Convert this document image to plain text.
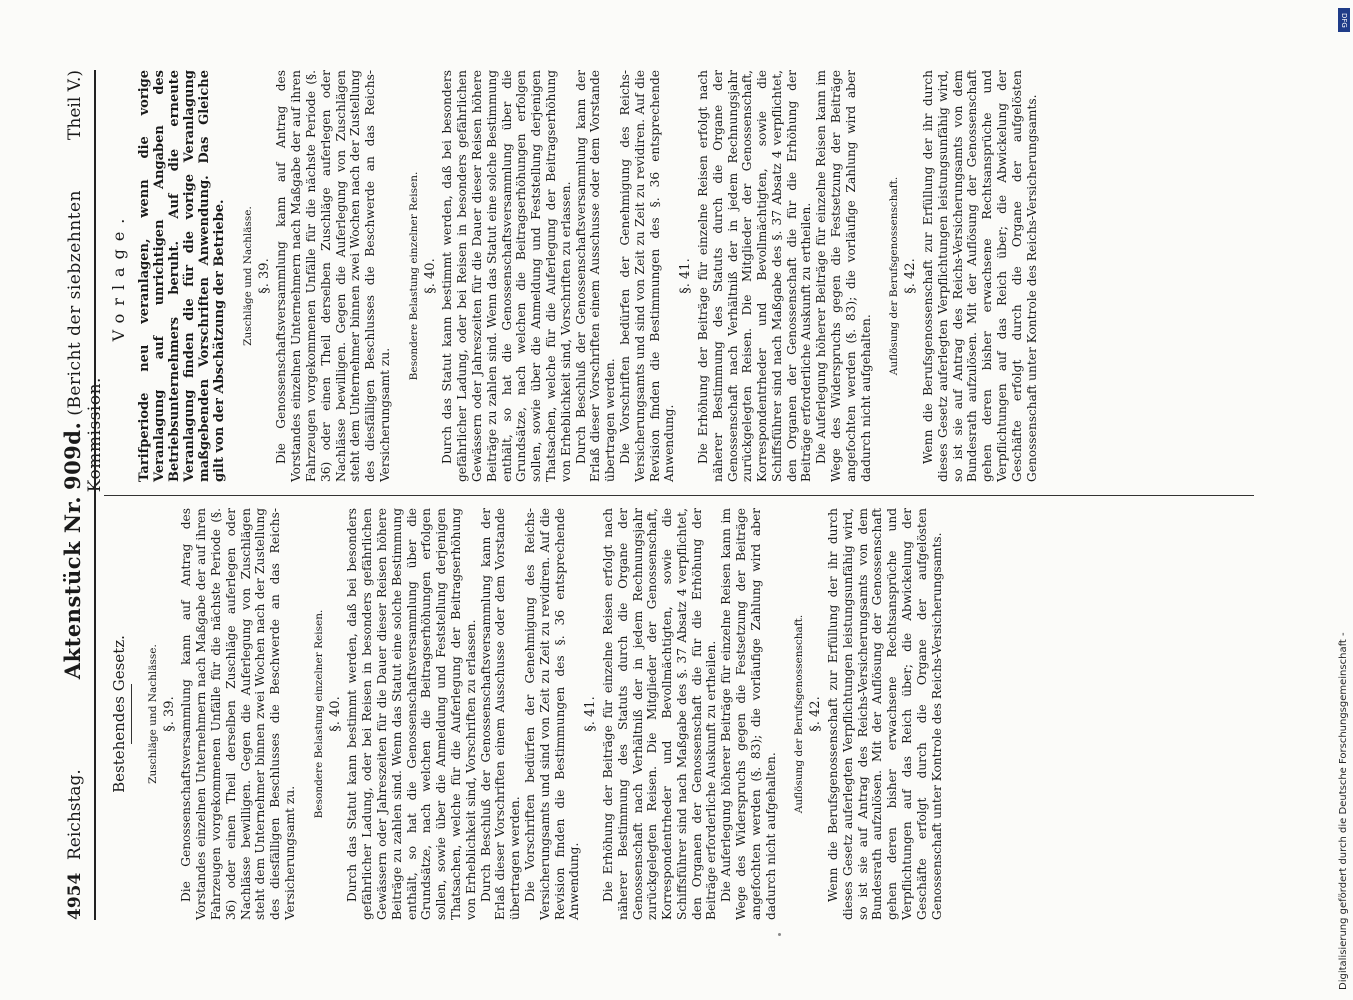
4954
Reichstag.
Aktenstück Nr. 909d. (Bericht der siebzehnten Kommission.
Theil V.)
Bestehendes Gesetz. Zuschläge und Nachlässe. §. 39. Die Genossenschaftsversammlung kann auf Antrag des Vorstandes einzelnen Unternehmern nach Maßgabe der auf ihren Fahrzeugen vorgekommenen Unfälle für die nächste Periode (§. 36) oder einen Theil derselben Zuschläge auferlegen oder Nachlässe bewilligen. Gegen die Auferlegung von Zuschlägen steht dem Unternehmer binnen zwei Wochen nach der Zustellung des diesfälligen Beschlusses die Beschwerde an das Reichs-Versicherungsamt zu.

Besondere Belastung einzelner Reisen. §. 40. Durch das Statut kann bestimmt werden, daß bei besonders gefährlicher Ladung, oder bei Reisen in besonders gefährlichen Gewässern oder Jahreszeiten für die Dauer dieser Reisen höhere Beiträge zu zahlen sind. Wenn das Statut eine solche Bestimmung enthält, so hat die Genossenschaftsversammlung über die Grundsätze, nach welchen die Beitragserhöhungen erfolgen sollen, sowie über die Anmeldung und Feststellung derjenigen Thatsachen, welche für die Auferlegung der Beitragserhöhung von Erheblichkeit sind, Vorschriften zu erlassen. Durch Beschluß der Genossenschaftsversammlung kann der Erlaß dieser Vorschriften einem Ausschusse oder dem Vorstande übertragen werden. Die Vorschriften bedürfen der Genehmigung des Reichs-Versicherungsamts und sind von Zeit zu Zeit zu revidiren. Auf die Revision finden die Bestimmungen des §. 36 entsprechende Anwendung.

§. 41. Die Erhöhung der Beiträge für einzelne Reisen erfolgt nach näherer Bestimmung des Statuts durch die Organe der Genossenschaft nach Verhältniß der in jedem Rechnungsjahr zurückgelegten Reisen. Die Mitglieder der Genossenschaft, Korrespondentrheder und Bevollmächtigten, sowie die Schiffsführer sind nach Maßgabe des §. 37 Absatz 4 verpflichtet, den Organen der Genossenschaft die für die Erhöhung der Beiträge erforderliche Auskunft zu ertheilen. Die Auferlegung höherer Beiträge für einzelne Reisen kann im Wege des Widerspruchs gegen die Festsetzung der Beiträge angefochten werden (§. 83); die vorläufige Zahlung wird aber dadurch nicht aufgehalten.

Auflösung der Berufsgenossenschaft. §. 42. Wenn die Berufsgenossenschaft zur Erfüllung der ihr durch dieses Gesetz auferlegten Verpflichtungen leistungsunfähig wird, so ist sie auf Antrag des Reichs-Versicherungsamts von dem Bundesrath aufzulösen. Mit der Auflösung der Genossenschaft gehen deren bisher erwachsene Rechtsansprüche und Verpflichtungen auf das Reich über; die Abwickelung der Geschäfte erfolgt durch die Organe der aufgelösten Genossenschaft unter Kontrole des Reichs-Versicherungsamts.

Vorlage. Tarifperiode neu veranlagen, wenn die vorige Veranlagung auf unrichtigen Angaben des Betriebsunternehmers beruht. Auf die erneute Veranlagung finden die für die vorige Veranlagung maßgebenden Vorschriften Anwendung. Das Gleiche gilt von der Abschätzung der Betriebe. Zuschläge und Nachlässe. §. 39. Die Genossenschaftsversammlung kann auf Antrag des Vorstandes einzelnen Unternehmern nach Maßgabe der auf ihren Fahrzeugen vorgekommenen Unfälle für die nächste Periode (§. 36) oder einen Theil derselben Zuschläge auferlegen oder Nachlässe bewilligen. Gegen die Auferlegung von Zuschlägen steht dem Unternehmer binnen zwei Wochen nach der Zustellung des diesfälligen Beschlusses die Beschwerde an das Reichs-Versicherungsamt zu.

Besondere Belastung einzelner Reisen. §. 40. Durch das Statut kann bestimmt werden, daß bei besonders gefährlicher Ladung, oder bei Reisen in besonders gefährlichen Gewässern oder Jahreszeiten für die Dauer dieser Reisen höhere Beiträge zu zahlen sind. Wenn das Statut eine solche Bestimmung enthält, so hat die Genossenschaftsversammlung über die Grundsätze, nach welchen die Beitragserhöhungen erfolgen sollen, sowie über die Anmeldung und Feststellung derjenigen Thatsachen, welche für die Auferlegung der Beitragserhöhung von Erheblichkeit sind, Vorschriften zu erlassen. Durch Beschluß der Genossenschaftsversammlung kann der Erlaß dieser Vorschriften einem Ausschusse oder dem Vorstande übertragen werden. Die Vorschriften bedürfen der Genehmigung des Reichs-Versicherungsamts und sind von Zeit zu Zeit zu revidiren. Auf die Revision finden die Bestimmungen des §. 36 entsprechende Anwendung.

§. 41. Die Erhöhung der Beiträge für einzelne Reisen erfolgt nach näherer Bestimmung des Statuts durch die Organe der Genossenschaft nach Verhältniß der in jedem Rechnungsjahr zurückgelegten Reisen. Die Mitglieder der Genossenschaft, Korrespondentrheder und Bevollmächtigten, sowie die Schiffsführer sind nach Maßgabe des §. 37 Absatz 4 verpflichtet, den Organen der Genossenschaft die für die Erhöhung der Beiträge erforderliche Auskunft zu ertheilen. Die Auferlegung höherer Beiträge für einzelne Reisen kann im Wege des Widerspruchs gegen die Festsetzung der Beiträge angefochten werden (§. 83); die vorläufige Zahlung wird aber dadurch nicht aufgehalten.

Auflösung der Berufsgenossenschaft. §. 42. Wenn die Berufsgenossenschaft zur Erfüllung der ihr durch dieses Gesetz auferlegten Verpflichtungen leistungsunfähig wird, so ist sie auf Antrag des Reichs-Versicherungsamts von dem Bundesrath aufzulösen. Mit der Auflösung der Genossenschaft gehen deren bisher erwachsene Rechtsansprüche und Verpflichtungen auf das Reich über; die Abwickelung der Geschäfte erfolgt durch die Organe der aufgelösten Genossenschaft unter Kontrole des Reichs-Versicherungsamts.

DFG
Digitalisierung gefördert durch die Deutsche Forschungsgemeinschaft -
